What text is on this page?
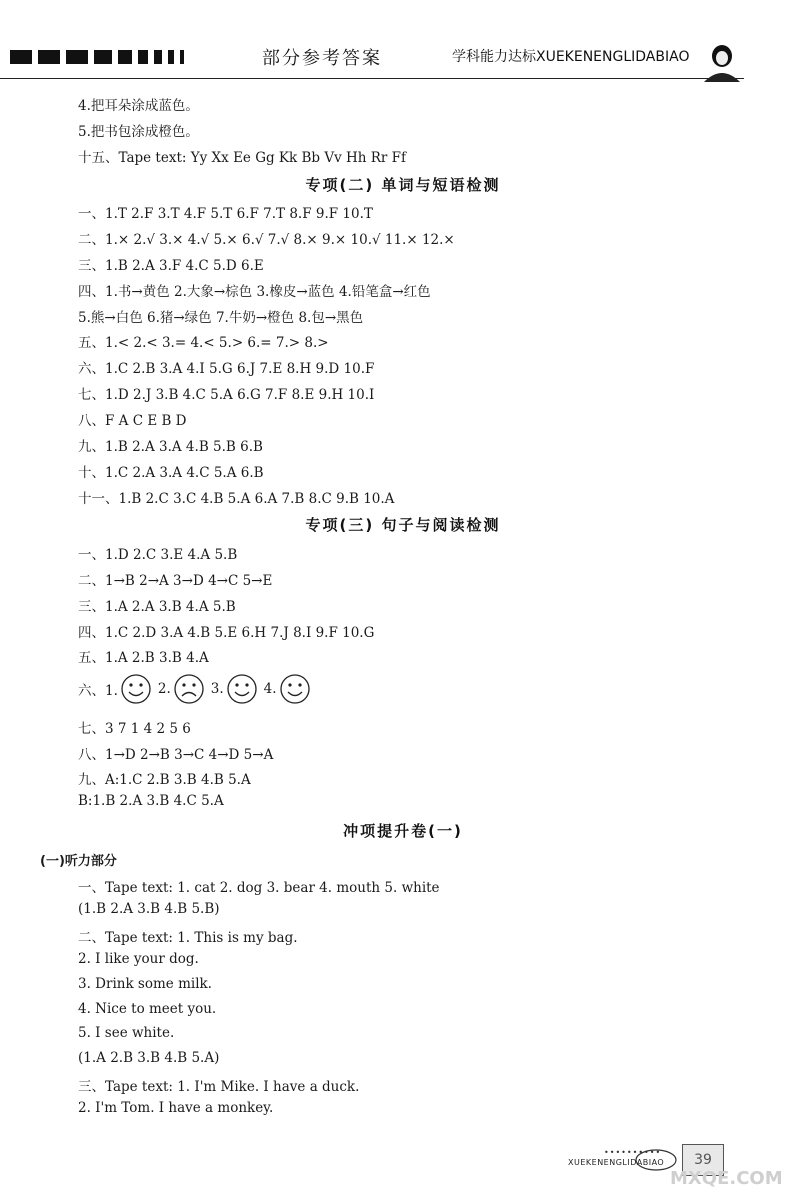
部分参考答案	学科能力达标XUEKENENGLIDABIAO
4.把耳朵涂成蓝色。
5.把书包涂成橙色。
十五、Tape text: Yy Xx Ee Gg Kk Bb Vv Hh Rr Ff
专项(二) 单词与短语检测
一、1.T 2.F 3.T 4.F 5.T 6.F 7.T 8.F 9.F 10.T
二、1.× 2.√ 3.× 4.√ 5.× 6.√ 7.√ 8.× 9.× 10.√ 11.× 12.×
三、1.B 2.A 3.F 4.C 5.D 6.E
四、1.书→黄色 2.大象→棕色 3.橡皮→蓝色 4.铅笔盒→红色
5.熊→白色 6.猪→绿色 7.牛奶→橙色 8.包→黑色
五、1.< 2.< 3.= 4.< 5.> 6.= 7.> 8.>
六、1.C 2.B 3.A 4.I 5.G 6.J 7.E 8.H 9.D 10.F
七、1.D 2.J 3.B 4.C 5.A 6.G 7.F 8.E 9.H 10.I
八、F A C E B D
九、1.B 2.A 3.A 4.B 5.B 6.B
十、1.C 2.A 3.A 4.C 5.A 6.B
十一、1.B 2.C 3.C 4.B 5.A 6.A 7.B 8.C 9.B 10.A
专项(三) 句子与阅读检测
一、1.D 2.C 3.E 4.A 5.B
二、1→B 2→A 3→D 4→C 5→E
三、1.A 2.A 3.B 4.A 5.B
四、1.C 2.D 3.A 4.B 5.E 6.H 7.J 8.I 9.F 10.G
五、1.A 2.B 3.B 4.A
六、1.	2.	3.	4.
七、3 7 1 4 2 5 6
八、1→D 2→B 3→C 4→D 5→A
九、A:1.C 2.B 3.B 4.B 5.A
B:1.B 2.A 3.B 4.C 5.A
冲项提升卷(一)
(一)听力部分
一、Tape text: 1. cat 2. dog 3. bear 4. mouth 5. white
(1.B 2.A 3.B 4.B 5.B)
二、Tape text: 1. This is my bag.
2. I like your dog.
3. Drink some milk.
4. Nice to meet you.
5. I see white.
(1.A 2.B 3.B 4.B 5.A)
三、Tape text: 1. I'm Mike. I have a duck.
2. I'm Tom. I have a monkey.
••••••••••
XUEKENENGLIDABIAO	39
MXQE.COM
